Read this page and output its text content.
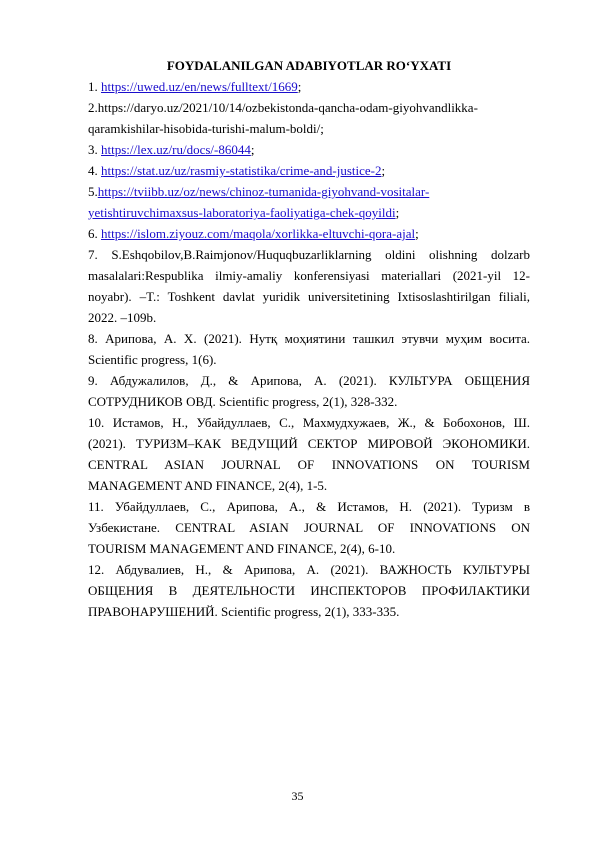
FOYDALANILGAN ADABIYOTLAR RO‘YXATI

1. https://uwed.uz/en/news/fulltext/1669;

2.https://daryo.uz/2021/10/14/ozbekistonda-qancha-odam-giyohvandlikka-
qaramkishilar-hisobida-turishi-malum-boldi/;

3. https://lex.uz/ru/docs/-86044;

4. https://stat.uz/uz/rasmiy-statistika/crime-and-justice-2;

5.https://tviibb.uz/oz/news/chinoz-tumanida-giyohvand-vositalar-
yetishtiruvchimaxsus-laboratoriya-faoliyatiga-chek-qoyildi;

6. https://islom.ziyouz.com/maqola/xorlikka-eltuvchi-qora-ajal;

7. S.Eshqobilov,B.Raimjonov/Huquqbuzarliklarning oldini olishning dolzarb
masalalari:Respublika ilmiy-amaliy konferensiyasi materiallari (2021-yil 12-
noyabr). –T.: Toshkent davlat yuridik universitetining Ixtisoslashtirilgan filiali,
2022. –109b.

8. Арипова, А. Х. (2021). Нутқ моҳиятини ташкил этувчи муҳим восита.
Scientific progress, 1(6).

9. Абдужалилов, Д., & Арипова, А. (2021). КУЛЬТУРА ОБЩЕНИЯ
СОТРУДНИКОВ ОВД. Scientific progress, 2(1), 328-332.

10. Истамов, Н., Убайдуллаев, С., Махмудхужаев, Ж., & Бобохонов, Ш.
(2021). ТУРИЗМ–КАК ВЕДУЩИЙ СЕКТОР МИРОВОЙ ЭКОНОМИКИ.
CENTRAL ASIAN JOURNAL OF INNOVATIONS ON TOURISM
MANAGEMENT AND FINANCE, 2(4), 1-5.

11. Убайдуллаев, С., Арипова, А., & Истамов, Н. (2021). Туризм в
Узбекистане. CENTRAL ASIAN JOURNAL OF INNOVATIONS ON
TOURISM MANAGEMENT AND FINANCE, 2(4), 6-10.

12. Абдувалиев, Н., & Арипова, А. (2021). ВАЖНОСТЬ КУЛЬТУРЫ
ОБЩЕНИЯ В ДЕЯТЕЛЬНОСТИ ИНСПЕКТОРОВ ПРОФИЛАКТИКИ
ПРАВОНАРУШЕНИЙ. Scientific progress, 2(1), 333-335.

35
